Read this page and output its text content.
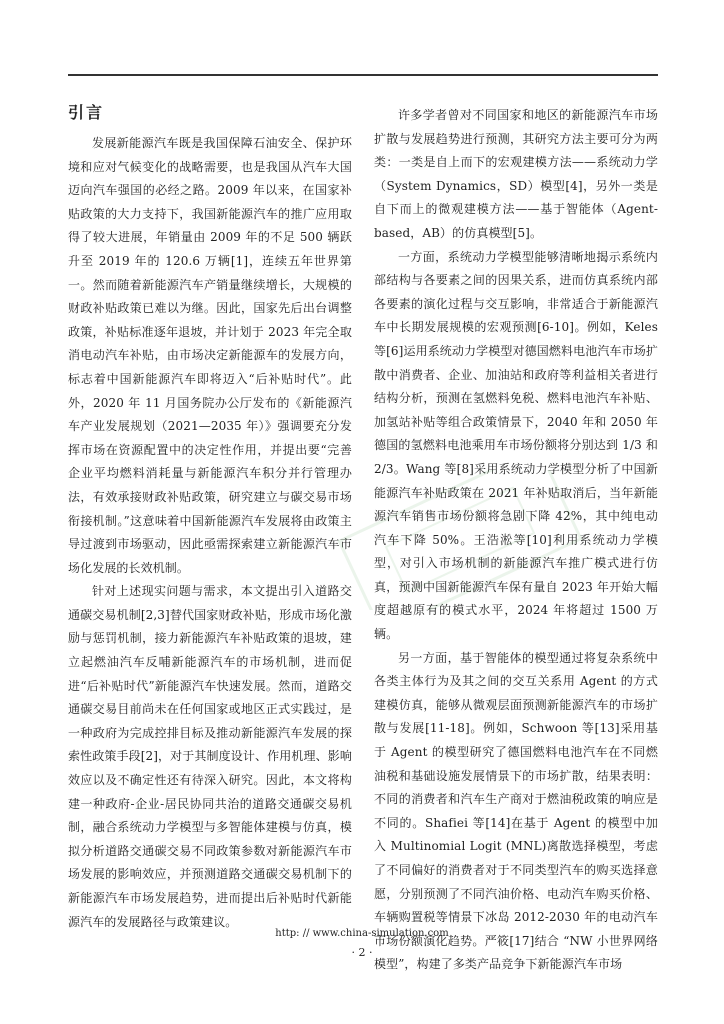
引言

发展新能源汽车既是我国保障石油安全、保护环境和应对气候变化的战略需要，也是我国从汽车大国迈向汽车强国的必经之路。2009 年以来，在国家补贴政策的大力支持下，我国新能源汽车的推广应用取得了较大进展，年销量由 2009 年的不足 500 辆跃升至 2019 年的 120.6 万辆[1]，连续五年世界第一。然而随着新能源汽车产销量继续增长，大规模的财政补贴政策已难以为继。因此，国家先后出台调整政策，补贴标准逐年退坡，并计划于 2023 年完全取消电动汽车补贴，由市场决定新能源车的发展方向，标志着中国新能源汽车即将迈入“后补贴时代”。此外，2020 年 11 月国务院办公厅发布的《新能源汽车产业发展规划（2021—2035 年）》强调要充分发挥市场在资源配置中的决定性作用，并提出要“完善企业平均燃料消耗量与新能源汽车积分并行管理办法，有效承接财政补贴政策，研究建立与碳交易市场衔接机制。”这意味着中国新能源汽车发展将由政策主导过渡到市场驱动，因此亟需探索建立新能源汽车市场化发展的长效机制。

针对上述现实问题与需求，本文提出引入道路交通碳交易机制[2,3]替代国家财政补贴，形成市场化激励与惩罚机制，接力新能源汽车补贴政策的退坡，建立起燃油汽车反哺新能源汽车的市场机制，进而促进“后补贴时代”新能源汽车快速发展。然而，道路交通碳交易目前尚未在任何国家或地区正式实践过，是一种政府为完成控排目标及推动新能源汽车发展的探索性政策手段[2]，对于其制度设计、作用机理、影响效应以及不确定性还有待深入研究。因此，本文将构建一种政府-企业-居民协同共治的道路交通碳交易机制，融合系统动力学模型与多智能体建模与仿真，模拟分析道路交通碳交易不同政策参数对新能源汽车市场发展的影响效应，并预测道路交通碳交易机制下的新能源汽车市场发展趋势，进而提出后补贴时代新能源汽车的发展路径与政策建议。

许多学者曾对不同国家和地区的新能源汽车市场扩散与发展趋势进行预测，其研究方法主要可分为两类：一类是自上而下的宏观建模方法——系统动力学（System Dynamics，SD）模型[4]，另外一类是自下而上的微观建模方法——基于智能体（Agent-based，AB）的仿真模型[5]。

一方面，系统动力学模型能够清晰地揭示系统内部结构与各要素之间的因果关系，进而仿真系统内部各要素的演化过程与交互影响，非常适合于新能源汽车中长期发展规模的宏观预测[6-10]。例如，Keles 等[6]运用系统动力学模型对德国燃料电池汽车市场扩散中消费者、企业、加油站和政府等利益相关者进行结构分析，预测在氢燃料免税、燃料电池汽车补贴、加氢站补贴等组合政策情景下，2040 年和 2050 年德国的氢燃料电池乘用车市场份额将分别达到 1/3 和 2/3。Wang 等[8]采用系统动力学模型分析了中国新能源汽车补贴政策在 2021 年补贴取消后，当年新能源汽车销售市场份额将急剧下降 42%，其中纯电动汽车下降 50%。王浩淞等[10]利用系统动力学模型，对引入市场机制的新能源汽车推广模式进行仿真，预测中国新能源汽车保有量自 2023 年开始大幅度超越原有的模式水平，2024 年将超过 1500 万辆。

另一方面，基于智能体的模型通过将复杂系统中各类主体行为及其之间的交互关系用 Agent 的方式建模仿真，能够从微观层面预测新能源汽车的市场扩散与发展[11-18]。例如，Schwoon 等[13]采用基于 Agent 的模型研究了德国燃料电池汽车在不同燃油税和基础设施发展情景下的市场扩散，结果表明：不同的消费者和汽车生产商对于燃油税政策的响应是不同的。Shafiei 等[14]在基于 Agent 的模型中加入 Multinomial Logit (MNL)离散选择模型，考虑了不同偏好的消费者对于不同类型汽车的购买选择意愿，分别预测了不同汽油价格、电动汽车购买价格、车辆购置税等情景下冰岛 2012-2030 年的电动汽车市场份额演化趋势。严筱[17]结合 “NW 小世界网络模型”，构建了多类产品竞争下新能源汽车市场

http: // www.china-simulation.com
· 2 ·
